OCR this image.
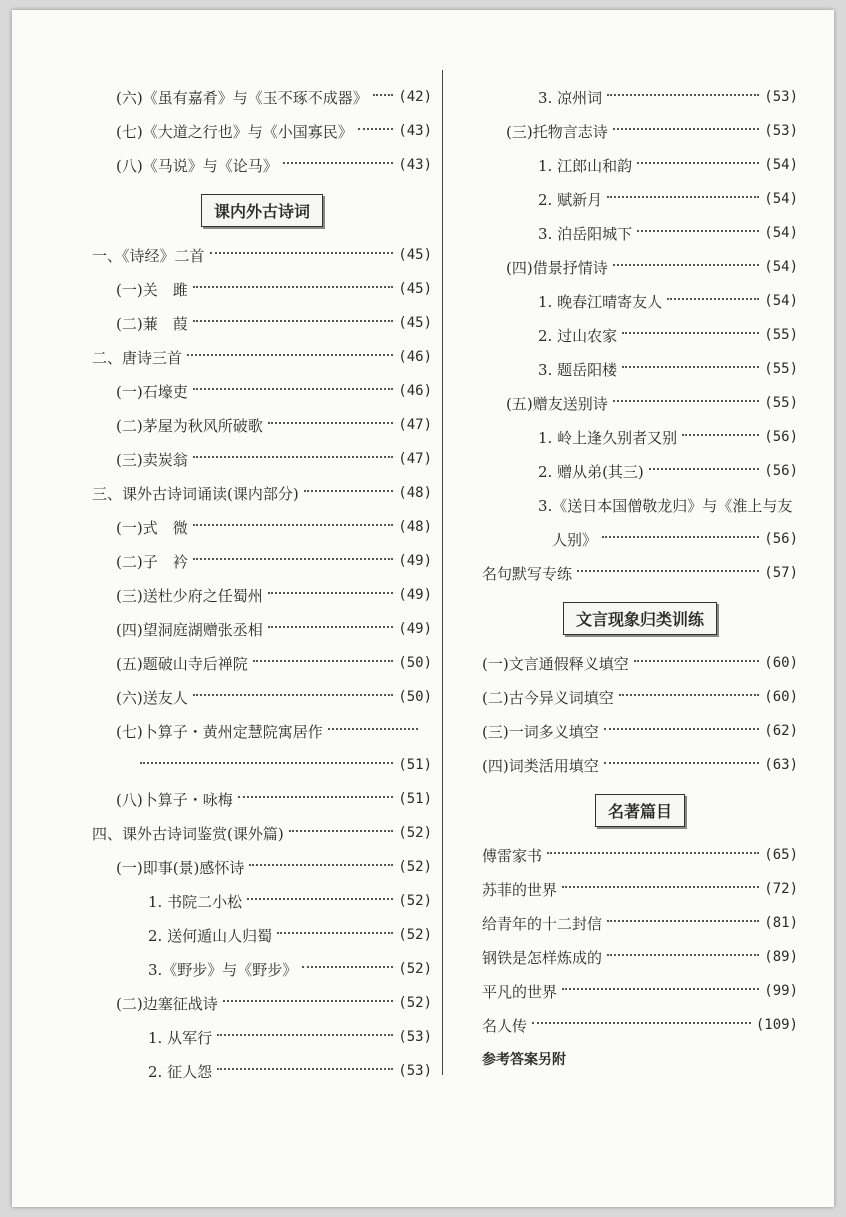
(六)《虽有嘉肴》与《玉不琢不成器》 (42)
(七)《大道之行也》与《小国寡民》	(43)
(八)《马说》与《论马》	(43)
课内外古诗词
一、《诗经》二首	(45)
(一)关　雎	(45)
(二)蒹　葭	(45)
二、唐诗三首	(46)
(一)石壕吏	(46)
(二)茅屋为秋风所破歌	(47)
(三)卖炭翁	(47)
三、课外古诗词诵读(课内部分)	(48)
(一)式　微	(48)
(二)子　衿	(49)
(三)送杜少府之任蜀州	(49)
(四)望洞庭湖赠张丞相	(49)
(五)题破山寺后禅院	(50)
(六)送友人	(50)
(七)卜算子・黄州定慧院寓居作
(51)
(八)卜算子・咏梅	(51)
四、课外古诗词鉴赏(课外篇)	(52)
(一)即事(景)感怀诗	(52)
1. 书院二小松	(52)
2. 送何遁山人归蜀	(52)
3.《野步》与《野步》	(52)
(二)边塞征战诗	(52)
1. 从军行	(53)
2. 征人怨	(53)
3. 凉州词	(53)
(三)托物言志诗	(53)
1. 江郎山和韵	(54)
2. 赋新月	(54)
3. 泊岳阳城下	(54)
(四)借景抒情诗	(54)
1. 晚春江晴寄友人	(54)
2. 过山农家	(55)
3. 题岳阳楼	(55)
(五)赠友送别诗	(55)
1. 岭上逢久别者又别	(56)
2. 赠从弟(其三)	(56)
3.《送日本国僧敬龙归》与《淮上与友
人别》	(56)
名句默写专练	(57)
文言现象归类训练
(一)文言通假释义填空	(60)
(二)古今异义词填空	(60)
(三)一词多义填空	(62)
(四)词类活用填空	(63)
名著篇目
傅雷家书	(65)
苏菲的世界	(72)
给青年的十二封信	(81)
钢铁是怎样炼成的	(89)
平凡的世界	(99)
名人传	(109)
参考答案另附
